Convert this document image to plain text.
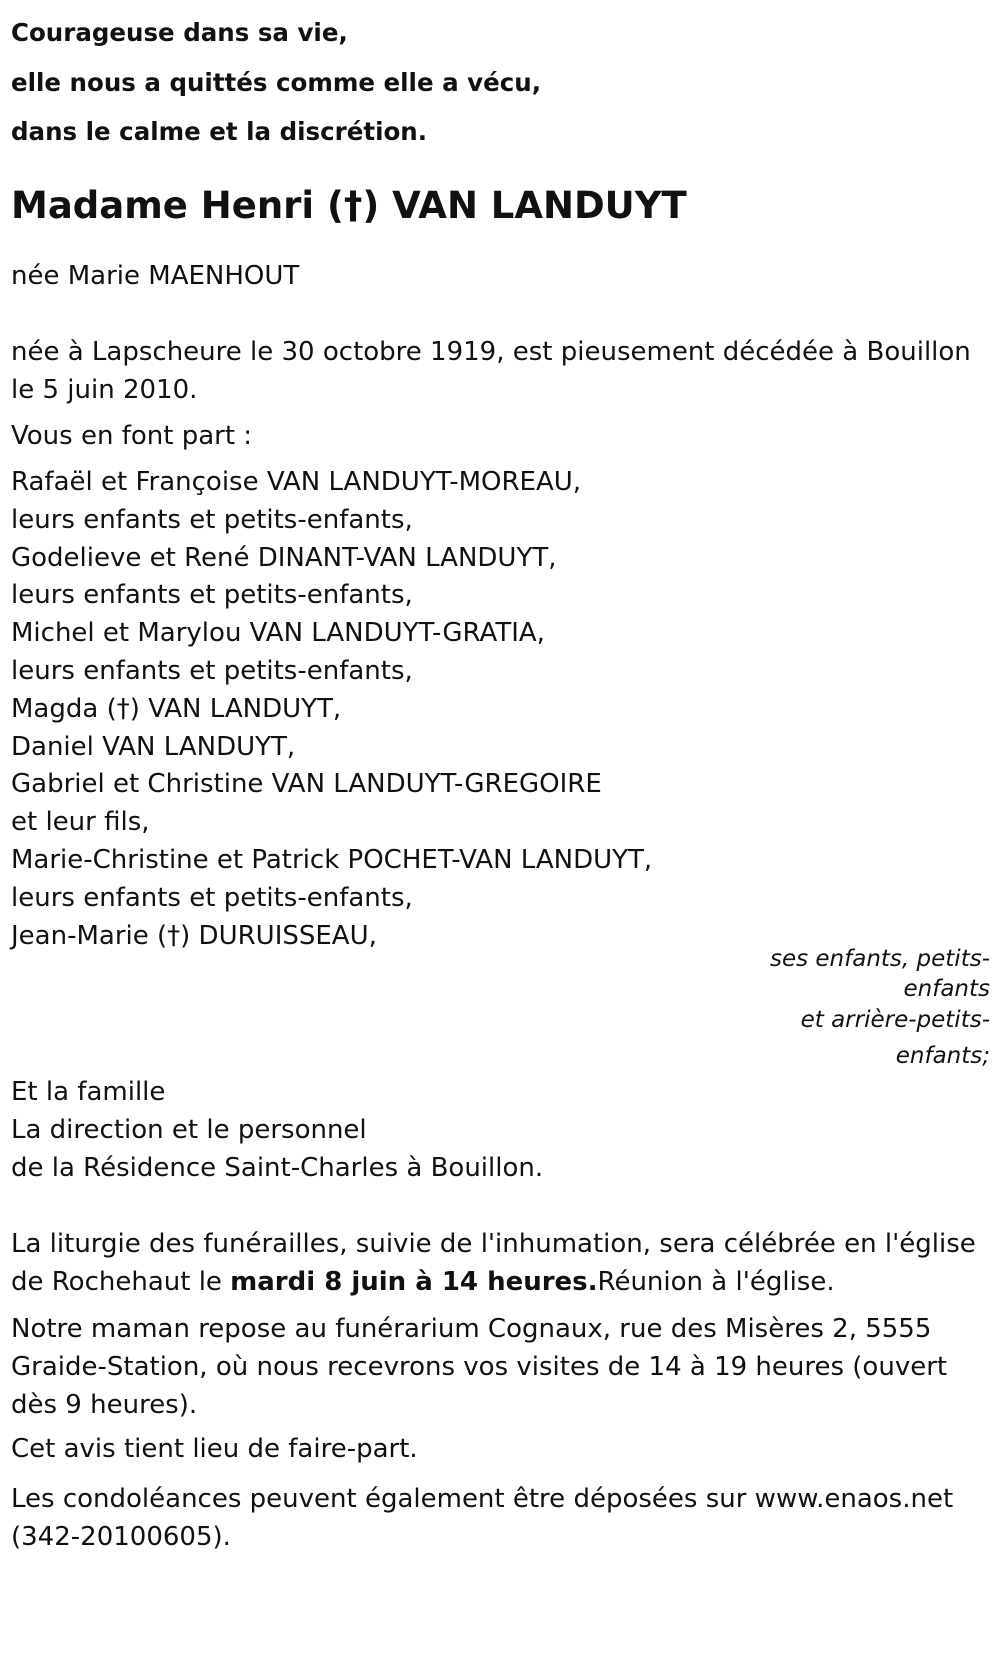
Courageuse dans sa vie,
elle nous a quittés comme elle a vécu,
dans le calme et la discrétion.
Madame Henri (†) VAN LANDUYT

née Marie MAENHOUT

née à Lapscheure le 30 octobre 1919, est pieusement décédée à Bouillon
le 5 juin 2010.

Vous en font part :

Rafaël et Françoise VAN LANDUYT-MOREAU,
leurs enfants et petits-enfants,
Godelieve et René DINANT-VAN LANDUYT,
leurs enfants et petits-enfants,
Michel et Marylou VAN LANDUYT-GRATIA,
leurs enfants et petits-enfants,
Magda (†) VAN LANDUYT,
Daniel VAN LANDUYT,
Gabriel et Christine VAN LANDUYT-GREGOIRE
et leur fils,
Marie-Christine et Patrick POCHET-VAN LANDUYT,
leurs enfants et petits-enfants,
Jean-Marie (†) DURUISSEAU,
ses enfants, petits-
enfants
et arrière-petits-
enfants;
Et la famille
La direction et le personnel
de la Résidence Saint-Charles à Bouillon.
La liturgie des funérailles, suivie de l'inhumation, sera célébrée en l'église
de Rochehaut le mardi 8 juin à 14 heures.Réunion à l'église.
Notre maman repose au funérarium Cognaux, rue des Misères 2, 5555
Graide-Station, où nous recevrons vos visites de 14 à 19 heures (ouvert
dès 9 heures).

Cet avis tient lieu de faire-part.

Les condoléances peuvent également être déposées sur www.enaos.net
(342-20100605).
